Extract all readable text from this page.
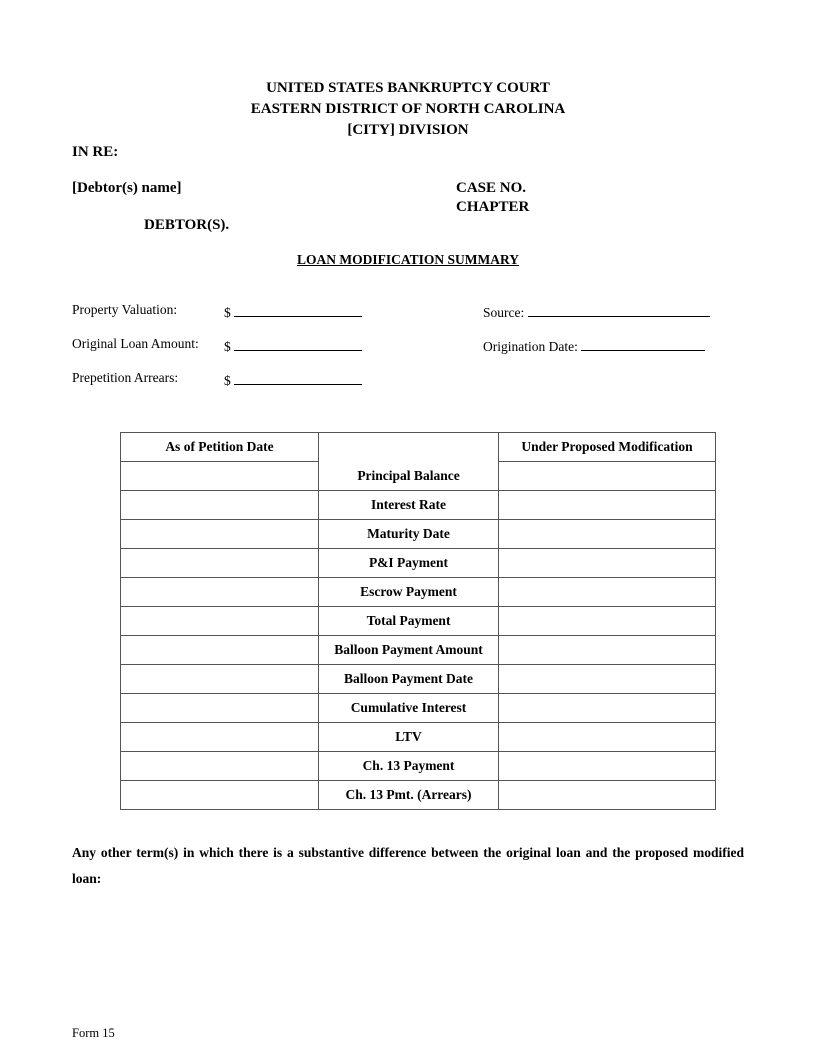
UNITED STATES BANKRUPTCY COURT
EASTERN DISTRICT OF NORTH CAROLINA
[CITY] DIVISION
IN RE:
[Debtor(s) name]
DEBTOR(S).
CASE NO.
CHAPTER
LOAN MODIFICATION SUMMARY
Property Valuation:	$
Original Loan Amount: $
Prepetition Arrears:	$
Source:
Origination Date:
As of Petition Date		Under Proposed Modification
	Principal Balance	
	Interest Rate	
	Maturity Date	
	P&I Payment	
	Escrow Payment	
	Total Payment	
	Balloon Payment Amount	
	Balloon Payment Date	
	Cumulative Interest	
	LTV	
	Ch. 13 Payment	
	Ch. 13 Pmt. (Arrears)	
Any other term(s) in which there is a substantive difference between the original loan and the proposed modified loan:
Form 15
